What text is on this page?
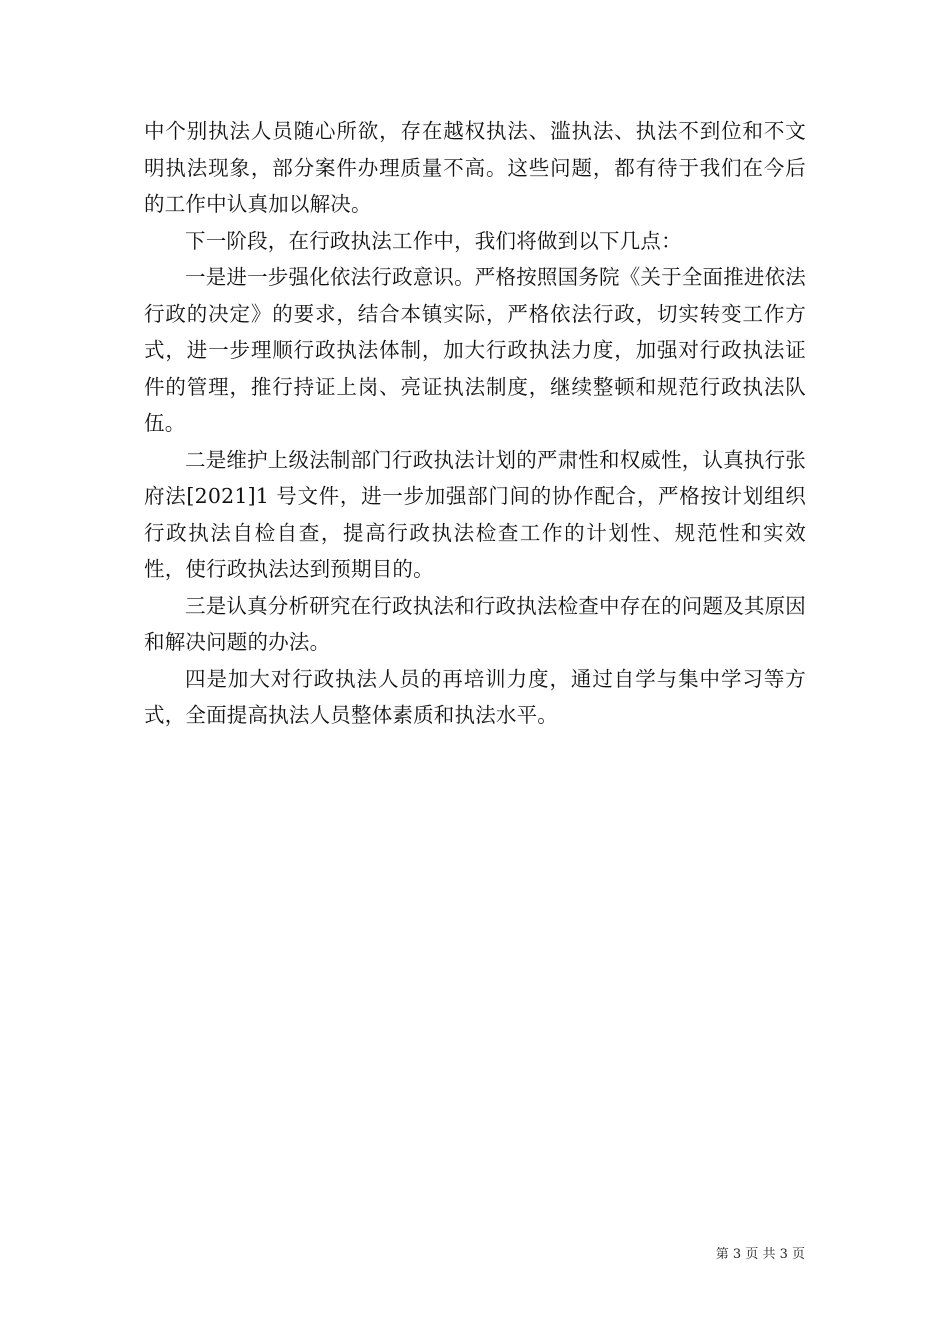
中个别执法人员随心所欲，存在越权执法、滥执法、执法不到位和不文明执法现象，部分案件办理质量不高。这些问题，都有待于我们在今后的工作中认真加以解决。

下一阶段，在行政执法工作中，我们将做到以下几点：

一是进一步强化依法行政意识。严格按照国务院《关于全面推进依法行政的决定》的要求，结合本镇实际，严格依法行政，切实转变工作方式，进一步理顺行政执法体制，加大行政执法力度，加强对行政执法证件的管理，推行持证上岗、亮证执法制度，继续整顿和规范行政执法队伍。

二是维护上级法制部门行政执法计划的严肃性和权威性，认真执行张府法[2021]1 号文件，进一步加强部门间的协作配合，严格按计划组织行政执法自检自查，提高行政执法检查工作的计划性、规范性和实效性，使行政执法达到预期目的。

三是认真分析研究在行政执法和行政执法检查中存在的问题及其原因和解决问题的办法。

四是加大对行政执法人员的再培训力度，通过自学与集中学习等方式，全面提高执法人员整体素质和执法水平。

第 3 页 共 3 页
